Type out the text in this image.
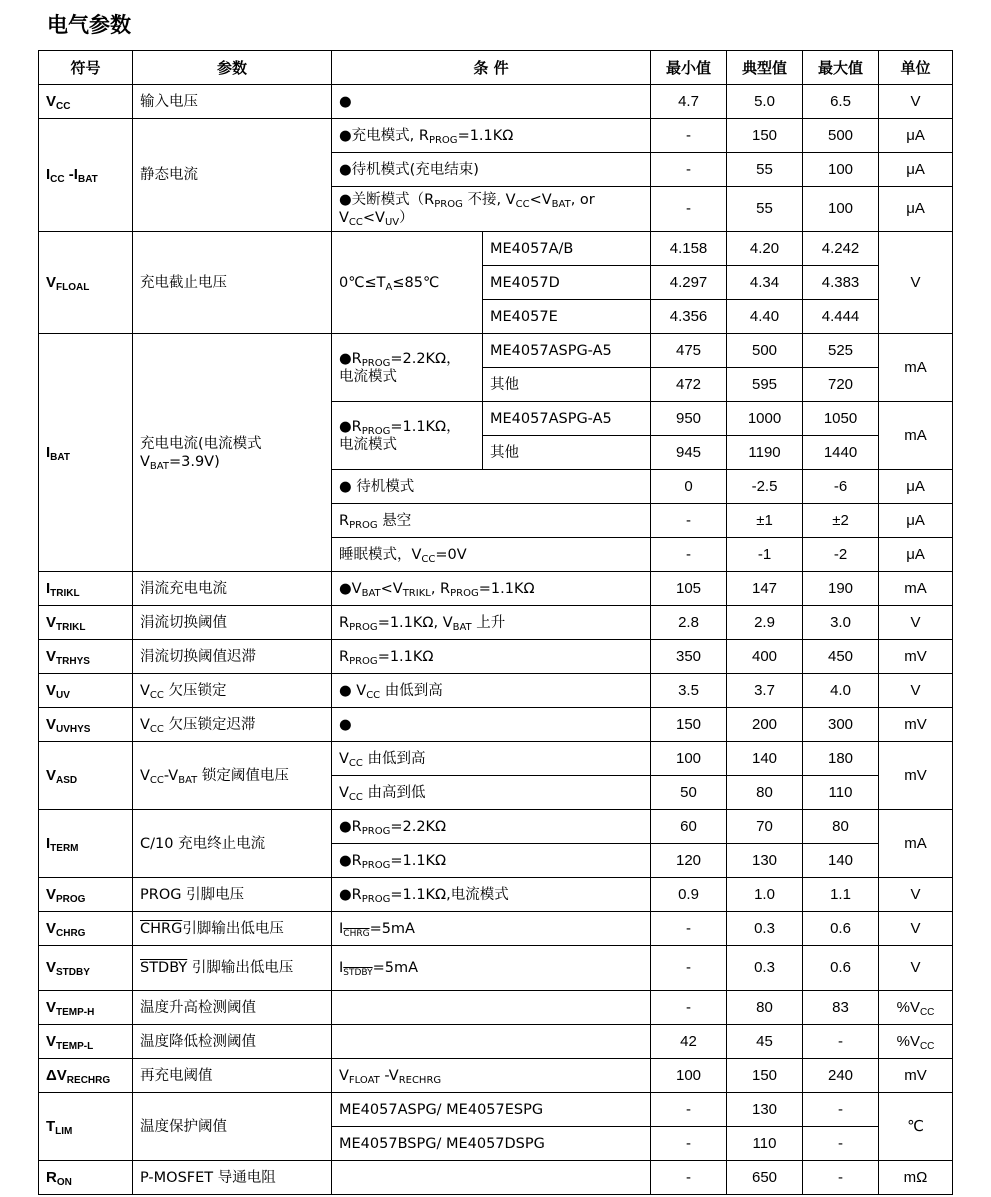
电气参数
符号	参数	条 件		最小值	典型值	最大值	单位
$V_{CC}$	输入电压	●		4.7	5.0	6.5	V
$I_{CC}$ $-I_{BAT}$	静态电流	●充电模式, $R_{PROG}=1.1K\Omega$		-	150	500	μA
		●待机模式(充电结束)		-	55	100	μA
		●关断模式（$R_{PROG}$ 不接, $V_{CC}<V_{BAT}$, or $V_{CC}<V_{UV}$）		-	55	100	μA
$V_{FLOAL}$	充电截止电压	$0℃\le T_A\le 85℃$	ME4057A/B	4.158	4.20	4.242	V
			ME4057D	4.297	4.34	4.383	
			ME4057E	4.356	4.40	4.444	
$I_{BAT}$	充电电流(电流模式 $V_{BAT}=3.9V$)	$●R_{PROG}=2.2K\Omega$，电流模式	ME4057ASPG-A5	475	500	525	mA
			其他	472	595	720	
		$●R_{PROG}=1.1K\Omega$，电流模式	ME4057ASPG-A5	950	1000	1050	mA
			其他	945	1190	1440	
		● 待机模式		0	-2.5	-6	μA
		$R_{PROG}$ 悬空		-	±1	±2	μA
		睡眠模式，$V_{CC}=0V$		-	-1	-2	μA
$I_{TRIKL}$	涓流充电电流	$●V_{BAT}<V_{TRIKL}$, $R_{PROG}=1.1K\Omega$		105	147	190	mA
$V_{TRIKL}$	涓流切换阈值	$R_{PROG}=1.1K\Omega$, $V_{BAT}$ 上升		2.8	2.9	3.0	V
$V_{TRHYS}$	涓流切换阈值迟滞	$R_{PROG}=1.1K\Omega$		350	400	450	mV
$V_{UV}$	$V_{CC}$ 欠压锁定	● $V_{CC}$ 由低到高		3.5	3.7	4.0	V
$V_{UVHYS}$	$V_{CC}$ 欠压锁定迟滞	●		150	200	300	mV
$V_{ASD}$	$V_{CC}-V_{BAT}$ 锁定阈值电压	$V_{CC}$ 由低到高		100	140	180	mV
		$V_{CC}$ 由高到低		50	80	110	
$I_{TERM}$	C/10 充电终止电流	$●R_{PROG}=2.2K\Omega$		60	70	80	mA
		$●R_{PROG}=1.1K\Omega$		120	130	140	
$V_{PROG}$	PROG 引脚电压	$●R_{PROG}=1.1K\Omega$,电流模式		0.9	1.0	1.1	V
$V_{CHRG}$	CHRG引脚输出低电压	$I_{CHRG}=5mA$		-	0.3	0.6	V
$V_{STDBY}$	STDBY 引脚输出低电压	$I_{STDBY}=5mA$		-	0.3	0.6	V
$V_{TEMP-H}$	温度升高检测阈值			-	80	83	$\%V_{CC}$
$V_{TEMP-L}$	温度降低检测阈值			42	45	-	$\%V_{CC}$
$\Delta V_{RECHRG}$	再充电阈值	$V_{FLOAT}$ $-V_{RECHRG}$		100	150	240	mV
$T_{LIM}$	温度保护阈值	ME4057ASPG/ ME4057ESPG		-	130	-	℃
		ME4057BSPG/ ME4057DSPG		-	110	-	
$R_{ON}$	P-MOSFET 导通电阻			-	650	-	mΩ
